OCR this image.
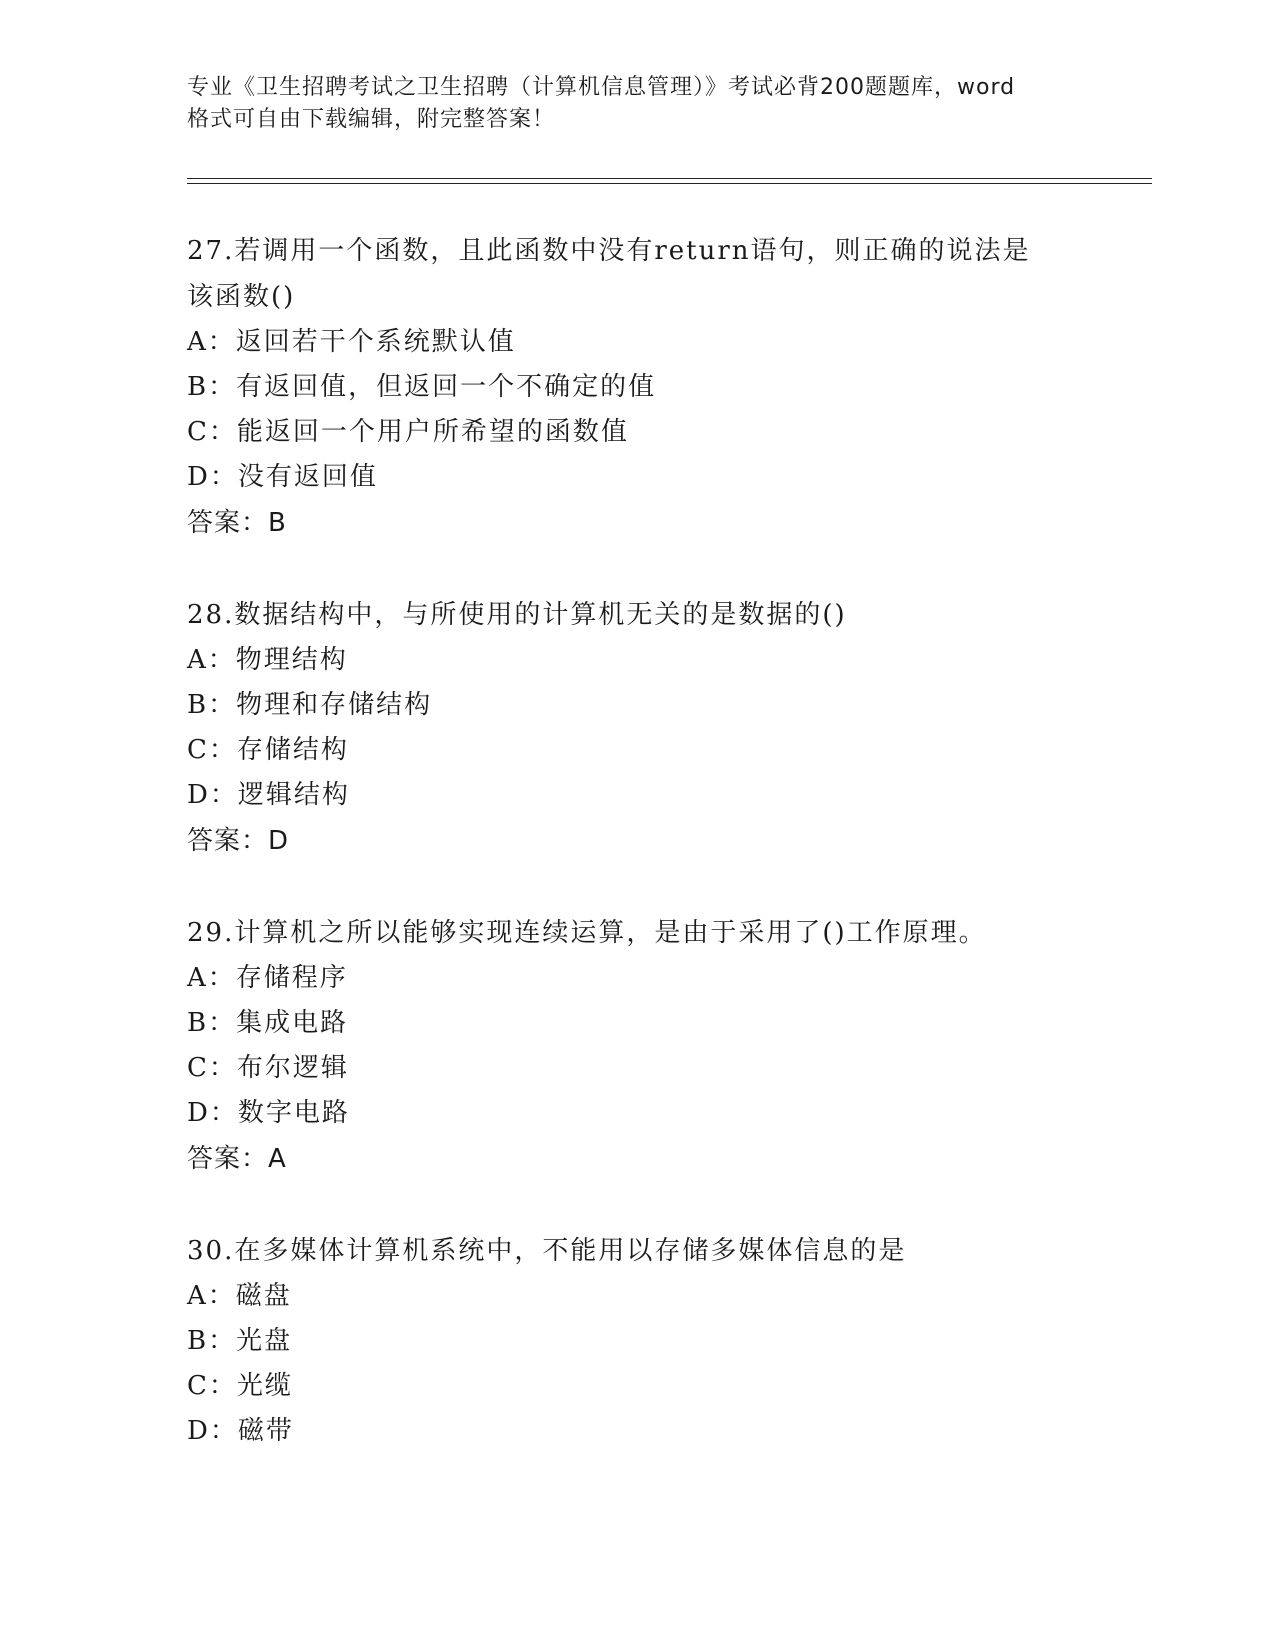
专业《卫生招聘考试之卫生招聘（计算机信息管理）》考试必背200题题库，word
格式可自由下载编辑，附完整答案！

27.若调用一个函数，且此函数中没有return语句，则正确的说法是

该函数()

A：返回若干个系统默认值

B：有返回值，但返回一个不确定的值

C：能返回一个用户所希望的函数值

D：没有返回值

答案：B

28.数据结构中，与所使用的计算机无关的是数据的()

A：物理结构

B：物理和存储结构

C：存储结构

D：逻辑结构

答案：D

29.计算机之所以能够实现连续运算，是由于采用了()工作原理。

A：存储程序

B：集成电路

C：布尔逻辑

D：数字电路

答案：A

30.在多媒体计算机系统中，不能用以存储多媒体信息的是

A：磁盘

B：光盘

C：光缆

D：磁带
